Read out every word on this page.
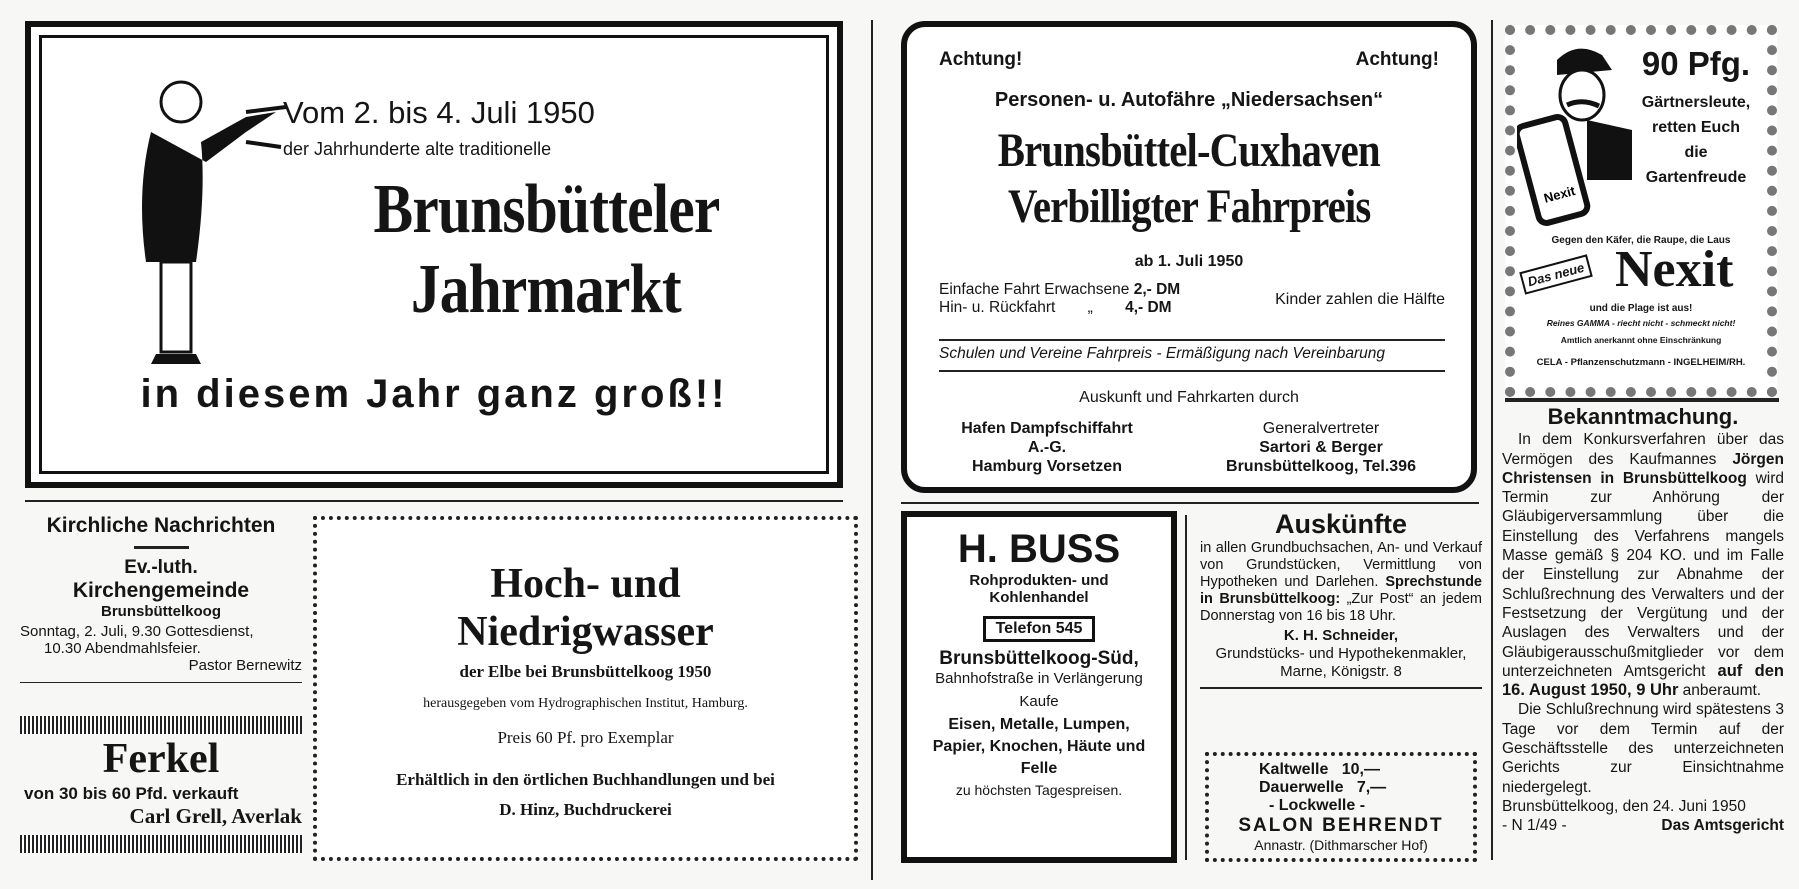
Vom 2. bis 4. Juli 1950
der Jahrhunderte alte traditionelle
Brunsbütteler
Jahrmarkt
in diesem Jahr ganz groß!!
Achtung!	Achtung!
Personen- u. Autofähre „Niedersachsen“
Brunsbüttel-Cuxhaven
Verbilligter Fahrpreis
ab 1. Juli 1950
Einfache Fahrt Erwachsene 2,- DM
Hin- u. Rückfahrt „ 4,- DM	Kinder zahlen die Hälfte
Schulen und Vereine Fahrpreis - Ermäßigung nach Vereinbarung
Auskunft und Fahrkarten durch
Hafen Dampfschiffahrt
A.-G.
Hamburg Vorsetzen
Generalvertreter
Sartori & Berger
Brunsbüttelkoog, Tel.396
Nexit
90 Pfg.
Gärtnersleute,
retten Euch
die
Gartenfreude
Gegen den Käfer, die Raupe, die Laus
Das neue Nexit
und die Plage ist aus!
Reines GAMMA - riecht nicht - schmeckt nicht!
Amtlich anerkannt ohne Einschränkung
CELA - Pflanzenschutzmann - INGELHEIM/RH.
Bekanntmachung.

In dem Konkursverfahren über das Vermögen des Kaufmannes Jörgen Christensen in Brunsbüttelkoog wird Termin zur Anhörung der Gläubigerversammlung über die Einstellung des Verfahrens mangels Masse gemäß § 204 KO. und im Falle der Einstellung zur Abnahme der Schlußrechnung des Verwalters und der Festsetzung der Vergütung und der Auslagen des Verwalters und der Gläubigerausschußmitglieder vor dem unterzeichneten Amtsgericht auf den 16. August 1950, 9 Uhr anberaumt.

Die Schlußrechnung wird spätestens 3 Tage vor dem Termin auf der Geschäftsstelle des unterzeichneten Gerichts zur Einsichtnahme niedergelegt.

Brunsbüttelkoog, den 24. Juni 1950

- N 1/49 -	Das Amtsgericht

Kirchliche Nachrichten
Ev.-luth.
Kirchengemeinde
Brunsbüttelkoog
Sonntag, 2. Juli, 9.30 Gottesdienst,
10.30 Abendmahlsfeier.
Pastor Bernewitz
Ferkel
von 30 bis 60 Pfd. verkauft
Carl Grell, Averlak
Hoch- und
Niedrigwasser
der Elbe bei Brunsbüttelkoog 1950
herausgegeben vom Hydrographischen Institut, Hamburg.
Preis 60 Pf. pro Exemplar
Erhältlich in den örtlichen Buchhandlungen und bei
D. Hinz, Buchdruckerei
H. BUSS
Rohprodukten- und
Kohlenhandel
Telefon 545
Brunsbüttelkoog-Süd,
Bahnhofstraße in Verlängerung
Kaufe
Eisen, Metalle, Lumpen, Papier, Knochen, Häute und Felle
zu höchsten Tagespreisen.
Auskünfte

in allen Grundbuchsachen, An- und Verkauf von Grundstücken, Vermittlung von Hypotheken und Darlehen. Sprechstunde in Brunsbüttelkoog: „Zur Post“ an jedem Donnerstag von 16 bis 18 Uhr.

K. H. Schneider,
Grundstücks- und Hypothekenmakler,
Marne, Königstr. 8
Kaltwelle   10,—
Dauerwelle   7,—
- Lockwelle -
SALON BEHRENDT
Annastr. (Dithmarscher Hof)
